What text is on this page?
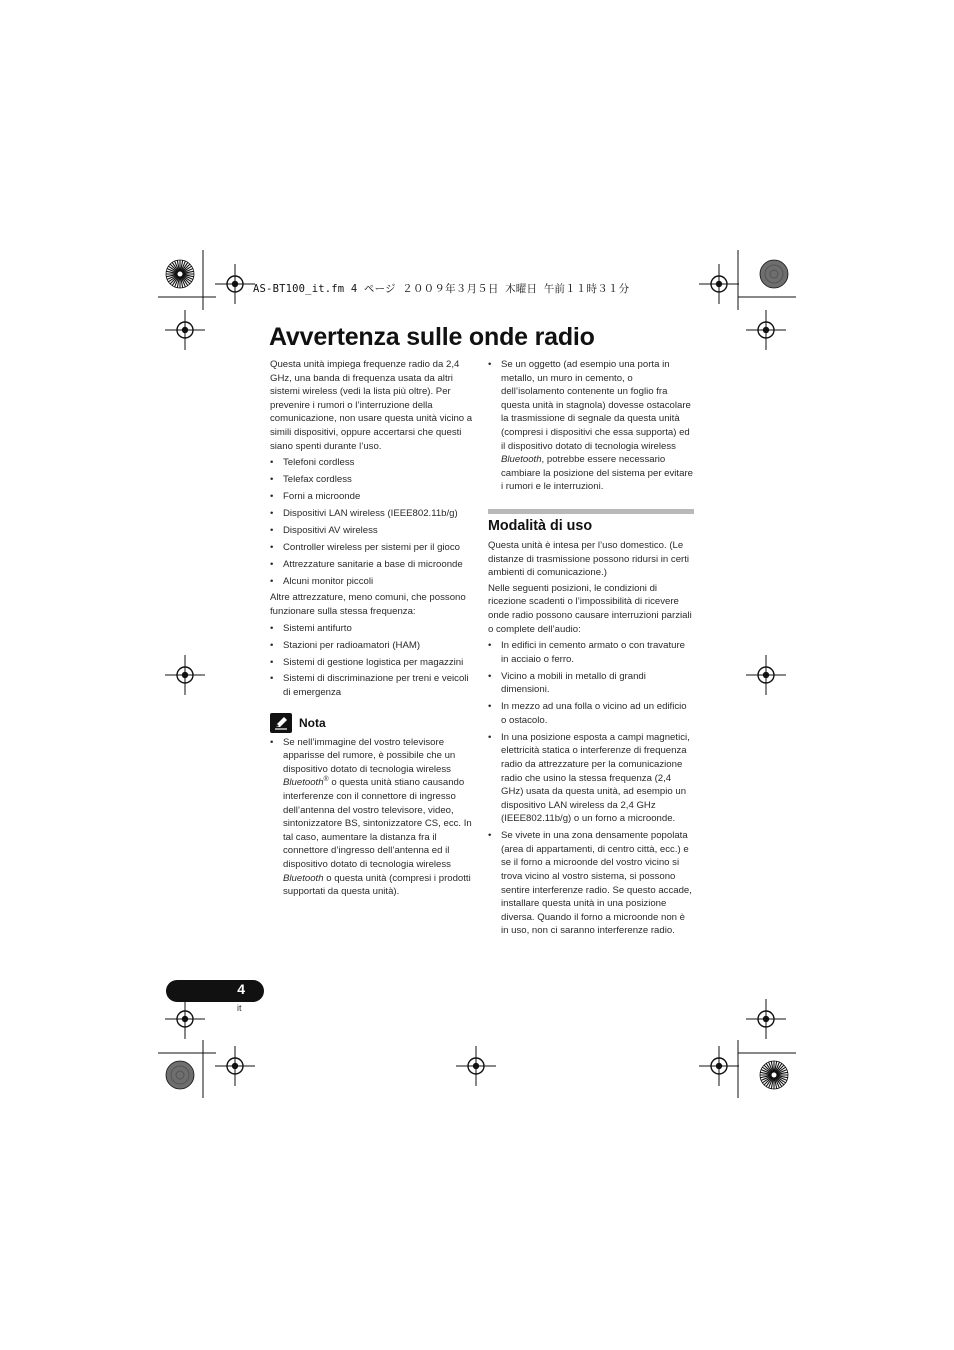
AS-BT100_it.fm 4 ページ ２００９年３月５日 木曜日 午前１１時３１分
Avvertenza sulle onde radio

Questa unità impiega frequenze radio da 2,4 GHz, una banda di frequenza usata da altri sistemi wireless (vedi la lista più oltre). Per prevenire i rumori o l’interruzione della comunicazione, non usare questa unità vicino a simili dispositivi, oppure accertarsi che questi siano spenti durante l’uso.

• Telefoni cordless
• Telefax cordless
• Forni a microonde
• Dispositivi LAN wireless (IEEE802.11b/g)
• Dispositivi AV wireless
• Controller wireless per sistemi per il gioco
• Attrezzature sanitarie a base di microonde
• Alcuni monitor piccoli

Altre attrezzature, meno comuni, che possono funzionare sulla stessa frequenza:

• Sistemi antifurto
• Stazioni per radioamatori (HAM)
• Sistemi di gestione logistica per magazzini
• Sistemi di discriminazione per treni e veicoli di emergenza
Nota
• Se nell’immagine del vostro televisore apparisse del rumore, è possibile che un dispositivo dotato di tecnologia wireless
Bluetooth® o questa unità stiano causando interferenze con il connettore di ingresso dell’antenna del vostro televisore, video, sintonizzatore BS, sintonizzatore CS, ecc. In tal caso, aumentare la distanza fra il connettore d’ingresso dell’antenna ed il dispositivo dotato di tecnologia wireless Bluetooth o questa unità (compresi i prodotti supportati da questa unità).
• Se un oggetto (ad esempio una porta in metallo, un muro in cemento, o dell’isolamento contenente un foglio fra questa unità in stagnola) dovesse ostacolare la trasmissione di segnale da questa unità (compresi i dispositivi che essa supporta) ed il dispositivo dotato di tecnologia wireless Bluetooth, potrebbe essere necessario cambiare la posizione del sistema per evitare i rumori e le interruzioni.
Modalità di uso

Questa unità è intesa per l’uso domestico. (Le distanze di trasmissione possono ridursi in certi ambienti di comunicazione.)

Nelle seguenti posizioni, le condizioni di ricezione scadenti o l’impossibilità di ricevere onde radio possono causare interruzioni parziali o complete dell’audio:

• In edifici in cemento armato o con travature in acciaio o ferro.
• Vicino a mobili in metallo di grandi dimensioni.
• In mezzo ad una folla o vicino ad un edificio o ostacolo.
• In una posizione esposta a campi magnetici, elettricità statica o interferenze di frequenza radio da attrezzature per la comunicazione radio che usino la stessa frequenza (2,4 GHz) usata da questa unità, ad esempio un dispositivo LAN wireless da 2,4 GHz (IEEE802.11b/g) o un forno a microonde.
• Se vivete in una zona densamente popolata (area di appartamenti, di centro città, ecc.) e se il forno a microonde del vostro vicino si trova vicino al vostro sistema, si possono sentire interferenze radio. Se questo accade, installare questa unità in una posizione diversa. Quando il forno a microonde non è in uso, non ci saranno interferenze radio.
4
it
